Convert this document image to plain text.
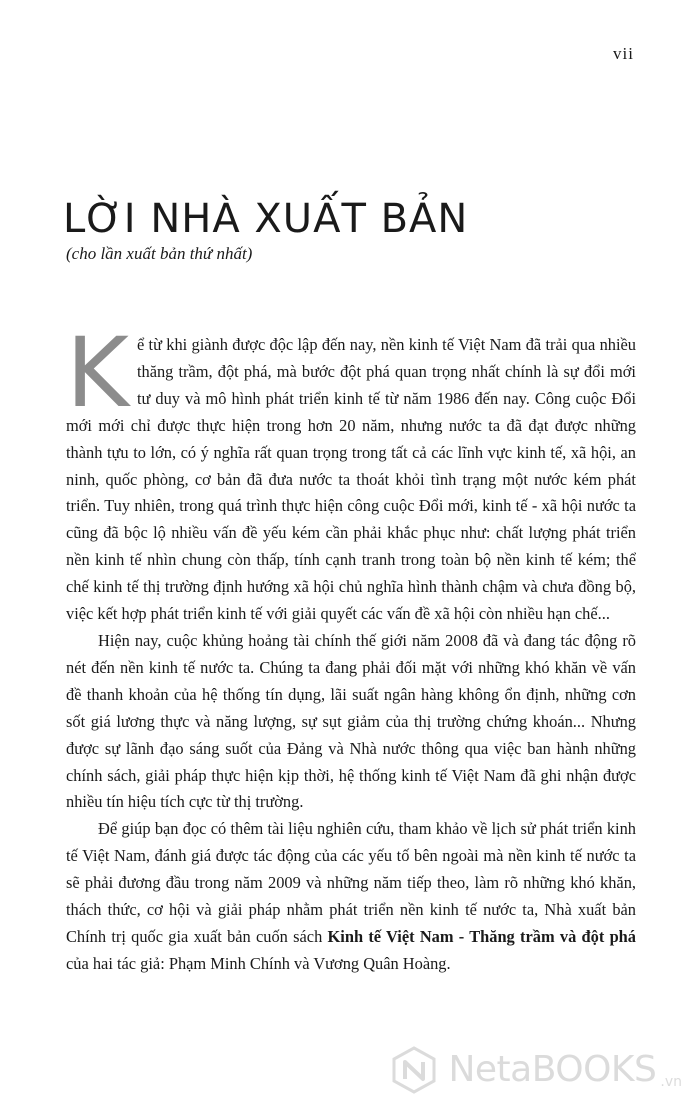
vii
LỜI NHÀ XUẤT BẢN

(cho lần xuất bản thứ nhất)

Kể từ khi giành được độc lập đến nay, nền kinh tế Việt Nam đã trải qua nhiều thăng trầm, đột phá, mà bước đột phá quan trọng nhất chính là sự đổi mới tư duy và mô hình phát triển kinh tế từ năm 1986 đến nay. Công cuộc Đổi mới mới chỉ được thực hiện trong hơn 20 năm, nhưng nước ta đã đạt được những thành tựu to lớn, có ý nghĩa rất quan trọng trong tất cả các lĩnh vực kinh tế, xã hội, an ninh, quốc phòng, cơ bản đã đưa nước ta thoát khỏi tình trạng một nước kém phát triển. Tuy nhiên, trong quá trình thực hiện công cuộc Đổi mới, kinh tế - xã hội nước ta cũng đã bộc lộ nhiều vấn đề yếu kém cần phải khắc phục như: chất lượng phát triển nền kinh tế nhìn chung còn thấp, tính cạnh tranh trong toàn bộ nền kinh tế kém; thể chế kinh tế thị trường định hướng xã hội chủ nghĩa hình thành chậm và chưa đồng bộ, việc kết hợp phát triển kinh tế với giải quyết các vấn đề xã hội còn nhiều hạn chế...

Hiện nay, cuộc khủng hoảng tài chính thế giới năm 2008 đã và đang tác động rõ nét đến nền kinh tế nước ta. Chúng ta đang phải đối mặt với những khó khăn về vấn đề thanh khoản của hệ thống tín dụng, lãi suất ngân hàng không ổn định, những cơn sốt giá lương thực và năng lượng, sự sụt giảm của thị trường chứng khoán... Nhưng được sự lãnh đạo sáng suốt của Đảng và Nhà nước thông qua việc ban hành những chính sách, giải pháp thực hiện kịp thời, hệ thống kinh tế Việt Nam đã ghi nhận được nhiều tín hiệu tích cực từ thị trường.

Để giúp bạn đọc có thêm tài liệu nghiên cứu, tham khảo về lịch sử phát triển kinh tế Việt Nam, đánh giá được tác động của các yếu tố bên ngoài mà nền kinh tế nước ta sẽ phải đương đầu trong năm 2009 và những năm tiếp theo, làm rõ những khó khăn, thách thức, cơ hội và giải pháp nhằm phát triển nền kinh tế nước ta, Nhà xuất bản Chính trị quốc gia xuất bản cuốn sách Kinh tế Việt Nam - Thăng trầm và đột phá của hai tác giả: Phạm Minh Chính và Vương Quân Hoàng.

NetaBOOKS .vn
